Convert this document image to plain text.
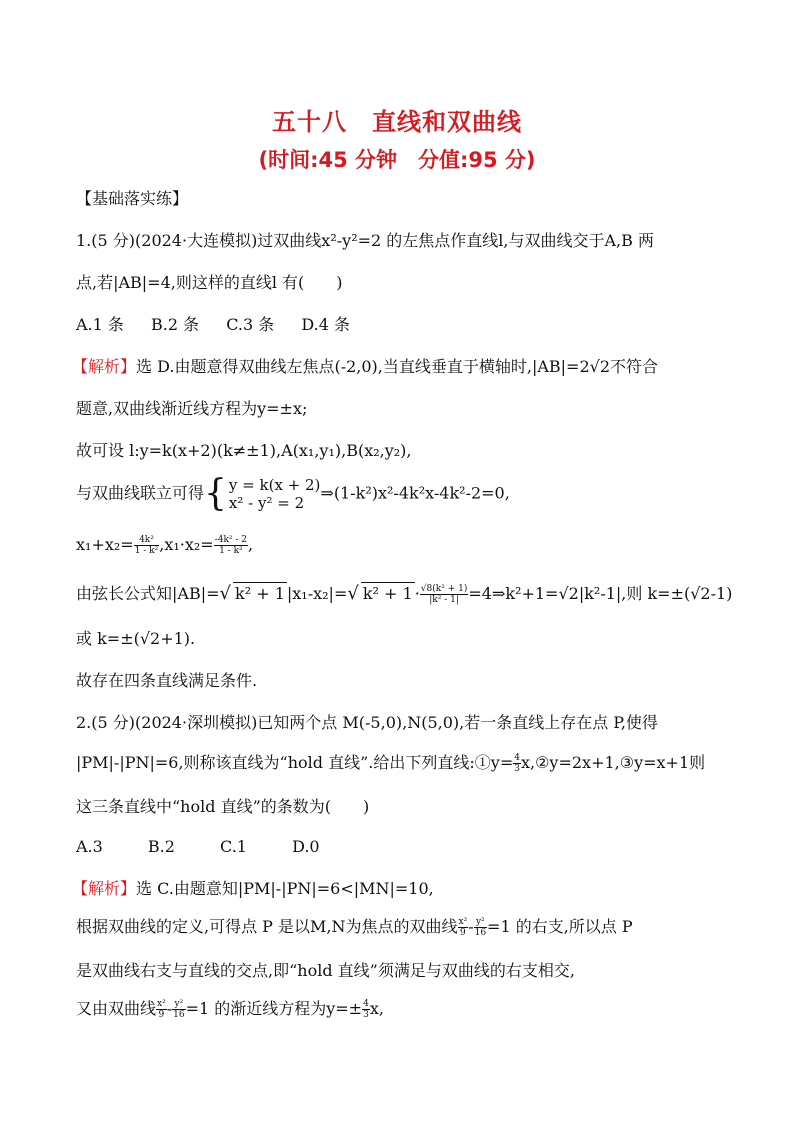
五十八　直线和双曲线
(时间:45 分钟　分值:95 分)
【基础落实练】
1.(5 分)(2024·大连模拟)过双曲线x²-y²=2 的左焦点作直线l,与双曲线交于A,B 两
点,若|AB|=4,则这样的直线l 有(　　)
A.1 条 B.2 条 C.3 条 D.4 条
【解析】选 D.由题意得双曲线左焦点(-2,0),当直线垂直于横轴时,|AB|=2√2不符合
题意,双曲线渐近线方程为y=±x;
故可设 l:y=k(x+2)(k≠±1),A(x₁,y₁),B(x₂,y₂),
与双曲线联立可得{ y = k(x + 2)
x² - y² = 2
⇒(1-k²)x²-4k²x-4k²-2=0,
$x_1+x_2= \frac{\text{4k²}}{\text{1 - k²}} ,x_1\cdot x_2= \frac{\text{-4k² - 2}}{\text{1 - k²}}$ ,
由弦长公式知|AB|=√ k² + 1 |x₁-x₂|=√ $k^2 + 1 \cdot \frac{\text{√8(k² + 1)}}{\text{|k² - 1|}}$ =4⇒k²+1=√2|k²-1|,则 k=±(√2-1)
或 k=±(√2+1).
故存在四条直线满足条件.
2.(5 分)(2024·深圳模拟)已知两个点 M(-5,0),N(5,0),若一条直线上存在点 P,使得
|PM|-|PN|=6,则称该直线为“hold 直线”.给出下列直线:①y= $\frac{4}{3}$ x,②y=2x+1,③y=x+1则
这三条直线中“hold 直线”的条数为(　　)
A.3	B.2	C.1	D.0
【解析】选 C.由题意知|PM|-|PN|=6<|MN|=10,
根据双曲线的定义,可得点 P 是以M,N为焦点的双曲线 $\frac{\text{x²}}{9} - \frac{\text{y²}}{16} =1$ 的右支,所以点 P
是双曲线右支与直线的交点,即“hold 直线”须满足与双曲线的右支相交,
又由双曲线 $\frac{\text{x²}}{9} - \frac{\text{y²}}{16} =1$ 的渐近线方程为$y=\pm \frac{4}{3} x$,
